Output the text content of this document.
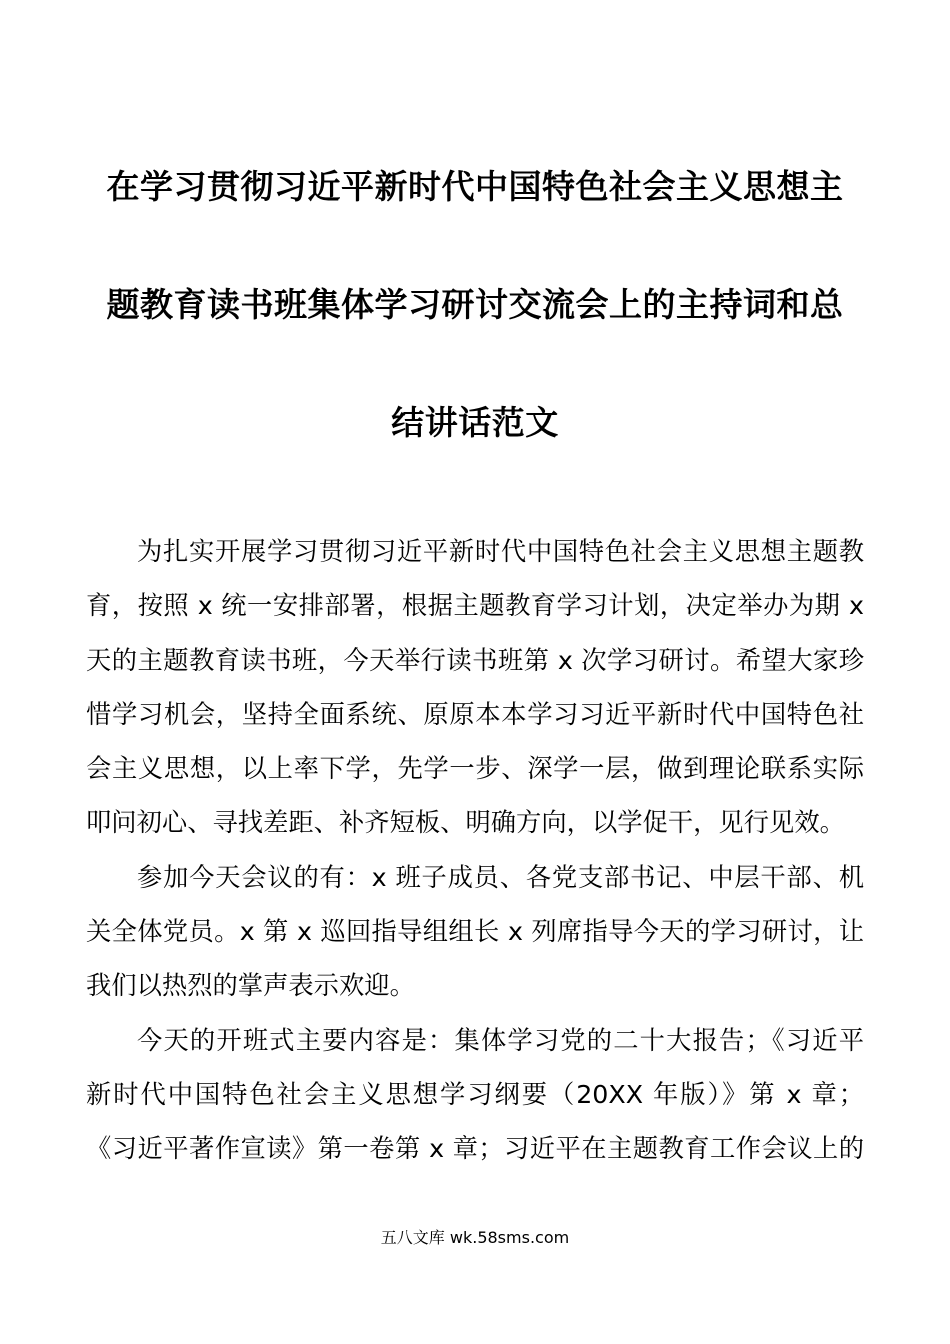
在学习贯彻习近平新时代中国特色社会主义思想主
题教育读书班集体学习研讨交流会上的主持词和总
结讲话范文

为扎实开展学习贯彻习近平新时代中国特色社会主义思想主题教
育，按照 x 统一安排部署，根据主题教育学习计划，决定举办为期 x
天的主题教育读书班，今天举行读书班第 x 次学习研讨。希望大家珍
惜学习机会，坚持全面系统、原原本本学习习近平新时代中国特色社
会主义思想，以上率下学，先学一步、深学一层，做到理论联系实际
叩问初心、寻找差距、补齐短板、明确方向，以学促干，见行见效。

参加今天会议的有：x 班子成员、各党支部书记、中层干部、机
关全体党员。x 第 x 巡回指导组组长 x 列席指导今天的学习研讨，让
我们以热烈的掌声表示欢迎。

今天的开班式主要内容是：集体学习党的二十大报告；《习近平
新时代中国特色社会主义思想学习纲要（20XX 年版）》第 x 章；
《习近平著作宣读》第一卷第 x 章；习近平在主题教育工作会议上的

五八文库 wk.58sms.com
